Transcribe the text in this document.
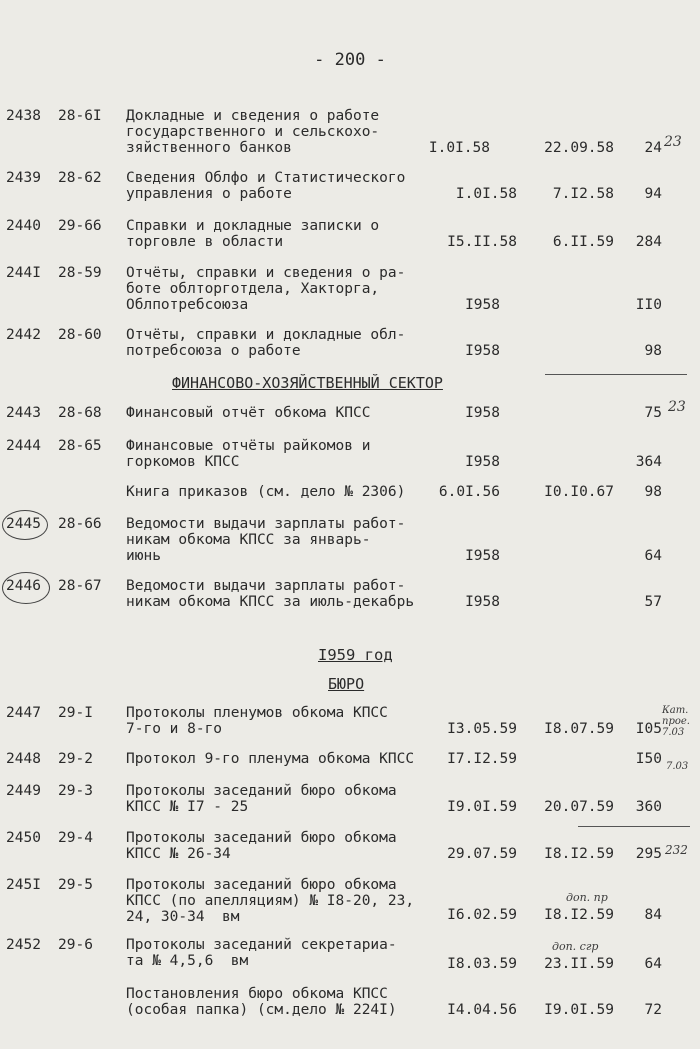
- 200 -
2438 28-6I Докладные и сведения о работе
государственного и сельскохо-
зяйственного банков	I.0I.58	22.09.58 24 23
2439 28-62 Сведения Облфо и Статистического
управления о работе	I.0I.58 7.I2.58 94
2440 29-66 Справки и докладные записки о
торговле в области	I5.II.58 6.II.59 284
244I 28-59 Отчёты, справки и сведения о ра-
боте облторготдела, Хакторга,
Облпотребсоюза	I958	II0
2442 28-60 Отчёты, справки и докладные обл-
потребсоюза о работе	I958	98
ФИНАНСОВО-ХОЗЯЙСТВЕННЫЙ СЕКТОР
2443 28-68 Финансовый отчёт обкома КПСС	I958	75 23
2444 28-65 Финансовые отчёты райкомов и
горкомов КПСС	I958	364
Книга приказов (см. дело № 2306) 6.0I.56	I0.I0.67 98
2445 28-66 Ведомости выдачи зарплаты работ-
никам обкома КПСС за январь-
июнь	I958	64
2446 28-67 Ведомости выдачи зарплаты работ-
никам обкома КПСС за июль-декабрь	I958	57
I959 год
БЮРО
2447 29-I Протоколы пленумов обкома КПСС
7-го и 8-го	I3.05.59 I8.07.59 I05
Кат. прое. 7.03
2448 29-2 Протокол 9-го пленума обкома КПСС I7.I2.59	I50 7.03
2449 29-3 Протоколы заседаний бюро обкома
КПСС № I7 - 25	I9.0I.59 20.07.59 360
2450 29-4 Протоколы заседаний бюро обкома
КПСС № 26-34	29.07.59 I8.I2.59 295 232
245I 29-5 Протоколы заседаний бюро обкома
КПСС (по апелляциям) № I8-20, 23,
24, 30-34  вм	I6.02.59 I8.I2.59 84
доп. пр
2452 29-6 Протоколы заседаний секретариа-
та № 4,5,6  вм	I8.03.59 23.II.59 64
доп. сгр
Постановления бюро обкома КПСС
(особая папка) (см.дело № 224I)	I4.04.56 I9.0I.59 72
